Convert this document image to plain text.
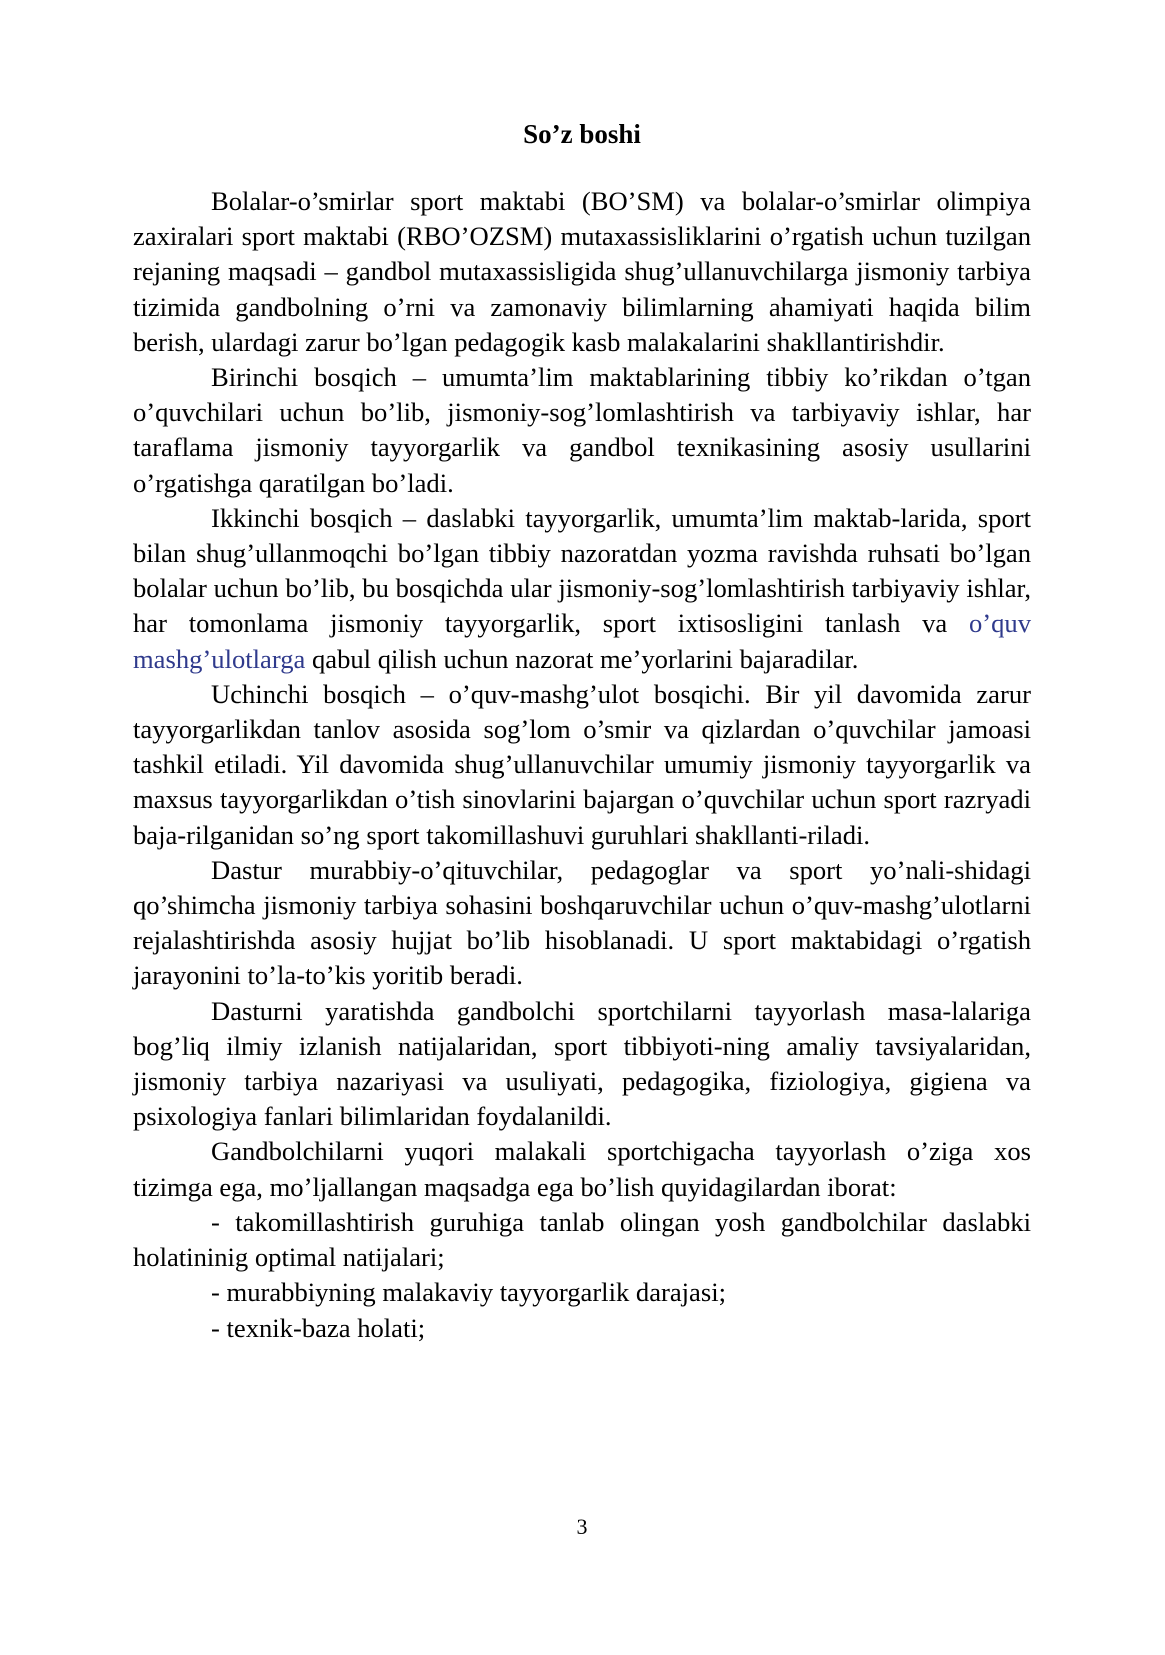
So’z boshi

Bolalar-o’smirlar sport maktabi (BO’SM) va bolalar-o’smirlar olimpiya zaxiralari sport maktabi (RBO’OZSM) mutaxassisliklarini o’rgatish uchun tuzilgan rejaning maqsadi – gandbol mutaxassisligida shug’ullanuvchilarga jismoniy tarbiya tizimida gandbolning o’rni va zamonaviy bilimlarning ahamiyati haqida bilim berish, ulardagi zarur bo’lgan pedagogik kasb malakalarini shakllantirishdir.

Birinchi bosqich – umumta’lim maktablarining tibbiy ko’rikdan o’tgan o’quvchilari uchun bo’lib, jismoniy-sog’lomlashtirish va tarbiyaviy ishlar, har taraflama jismoniy tayyorgarlik va gandbol texnikasining asosiy usullarini o’rgatishga qaratilgan bo’ladi.

Ikkinchi bosqich – daslabki tayyorgarlik, umumta’lim maktab-larida, sport bilan shug’ullanmoqchi bo’lgan tibbiy nazoratdan yozma ravishda ruhsati bo’lgan bolalar uchun bo’lib, bu bosqichda ular jismoniy-sog’lomlashtirish tarbiyaviy ishlar, har tomonlama jismoniy tayyorgarlik, sport ixtisosligini tanlash va o’quv mashg’ulotlarga qabul qilish uchun nazorat me’yorlarini bajaradilar.

Uchinchi bosqich – o’quv-mashg’ulot bosqichi. Bir yil davomida zarur tayyorgarlikdan tanlov asosida sog’lom o’smir va qizlardan o’quvchilar jamoasi tashkil etiladi. Yil davomida shug’ullanuvchilar umumiy jismoniy tayyorgarlik va maxsus tayyorgarlikdan o’tish sinovlarini bajargan o’quvchilar uchun sport razryadi baja-rilganidan so’ng sport takomillashuvi guruhlari shakllanti-riladi.

Dastur murabbiy-o’qituvchilar, pedagoglar va sport yo’nali-shidagi qo’shimcha jismoniy tarbiya sohasini boshqaruvchilar uchun o’quv-mashg’ulotlarni rejalashtirishda asosiy hujjat bo’lib hisoblanadi. U sport maktabidagi o’rgatish jarayonini to’la-to’kis yoritib beradi.

Dasturni yaratishda gandbolchi sportchilarni tayyorlash masa-lalariga bog’liq ilmiy izlanish natijalaridan, sport tibbiyoti-ning amaliy tavsiyalaridan, jismoniy tarbiya nazariyasi va usuliyati, pedagogika, fiziologiya, gigiena va psixologiya fanlari bilimlaridan foydalanildi.

Gandbolchilarni yuqori malakali sportchigacha tayyorlash o’ziga xos tizimga ega, mo’ljallangan maqsadga ega bo’lish quyidagilardan iborat:

- takomillashtirish guruhiga tanlab olingan yosh gandbolchilar daslabki holatininig optimal natijalari;

- murabbiyning malakaviy tayyorgarlik darajasi;

- texnik-baza holati;

3
